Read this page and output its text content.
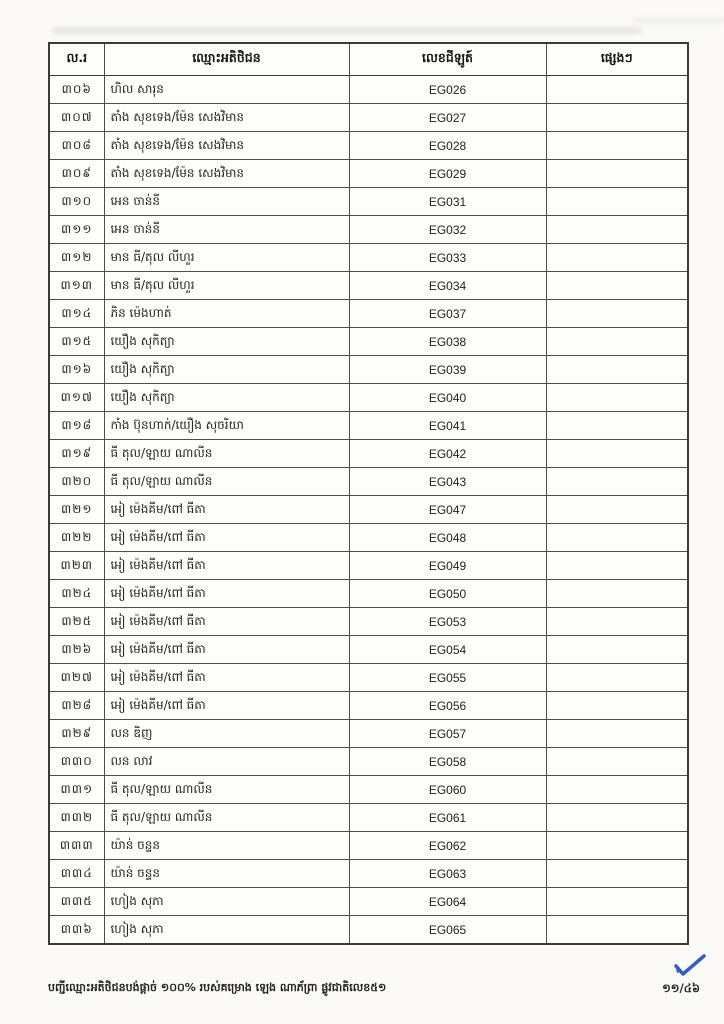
ល.រ	ឈ្មោះអតិថិជន	លេខជីឡូត៍	ផ្សេងៗ
៣០៦	ហិល សារុន	EG026	
៣០៧	តាំង សុខទេង/ម៉ែន សេងវិមាន	EG027	
៣០៨	តាំង សុខទេង/ម៉ែន សេងវិមាន	EG028	
៣០៩	តាំង សុខទេង/ម៉ែន សេងវិមាន	EG029	
៣១០	អេន ចាន់នី	EG031	
៣១១	អេន ចាន់នី	EG032	
៣១២	មាន ធី/តុល លីហួរ	EG033	
៣១៣	មាន ធី/តុល លីហួរ	EG034	
៣១៤	ភិន ម៉េងហាត់	EG037	
៣១៥	យឿង សុកិត្យា	EG038	
៣១៦	យឿង សុកិត្យា	EG039	
៣១៧	យឿង សុកិត្យា	EG040	
៣១៨	កាំង ប៊ុនហាក់/យឿង សុចរិយា	EG041	
៣១៩	ធី តុល/ឡាយ ណាលីន	EG042	
៣២០	ធី តុល/ឡាយ ណាលីន	EG043	
៣២១	អៀ ម៉េងគីម/ពៅ ធីតា	EG047	
៣២២	អៀ ម៉េងគីម/ពៅ ធីតា	EG048	
៣២៣	អៀ ម៉េងគីម/ពៅ ធីតា	EG049	
៣២៤	អៀ ម៉េងគីម/ពៅ ធីតា	EG050	
៣២៥	អៀ ម៉េងគីម/ពៅ ធីតា	EG053	
៣២៦	អៀ ម៉េងគីម/ពៅ ធីតា	EG054	
៣២៧	អៀ ម៉េងគីម/ពៅ ធីតា	EG055	
៣២៨	អៀ ម៉េងគីម/ពៅ ធីតា	EG056	
៣២៩	លន ឌិញ	EG057	
៣៣០	លន លាវ	EG058	
៣៣១	ធី តុល/ឡាយ ណាលីន	EG060	
៣៣២	ធី តុល/ឡាយ ណាលីន	EG061	
៣៣៣	យ៉ាន់ ចន្ទន	EG062	
៣៣៤	យ៉ាន់ ចន្ទន	EG063	
៣៣៥	ហៀង សុភា	EG064	
៣៣៦	ហៀង សុភា	EG065	
បញ្ជីឈ្មោះអតិថិជនបង់ផ្តាច់ ១០០% របស់គម្រោង ឡេង ណាភ័ព្រា ផ្លូវជាតិលេខ៥១	១១/៤៦
